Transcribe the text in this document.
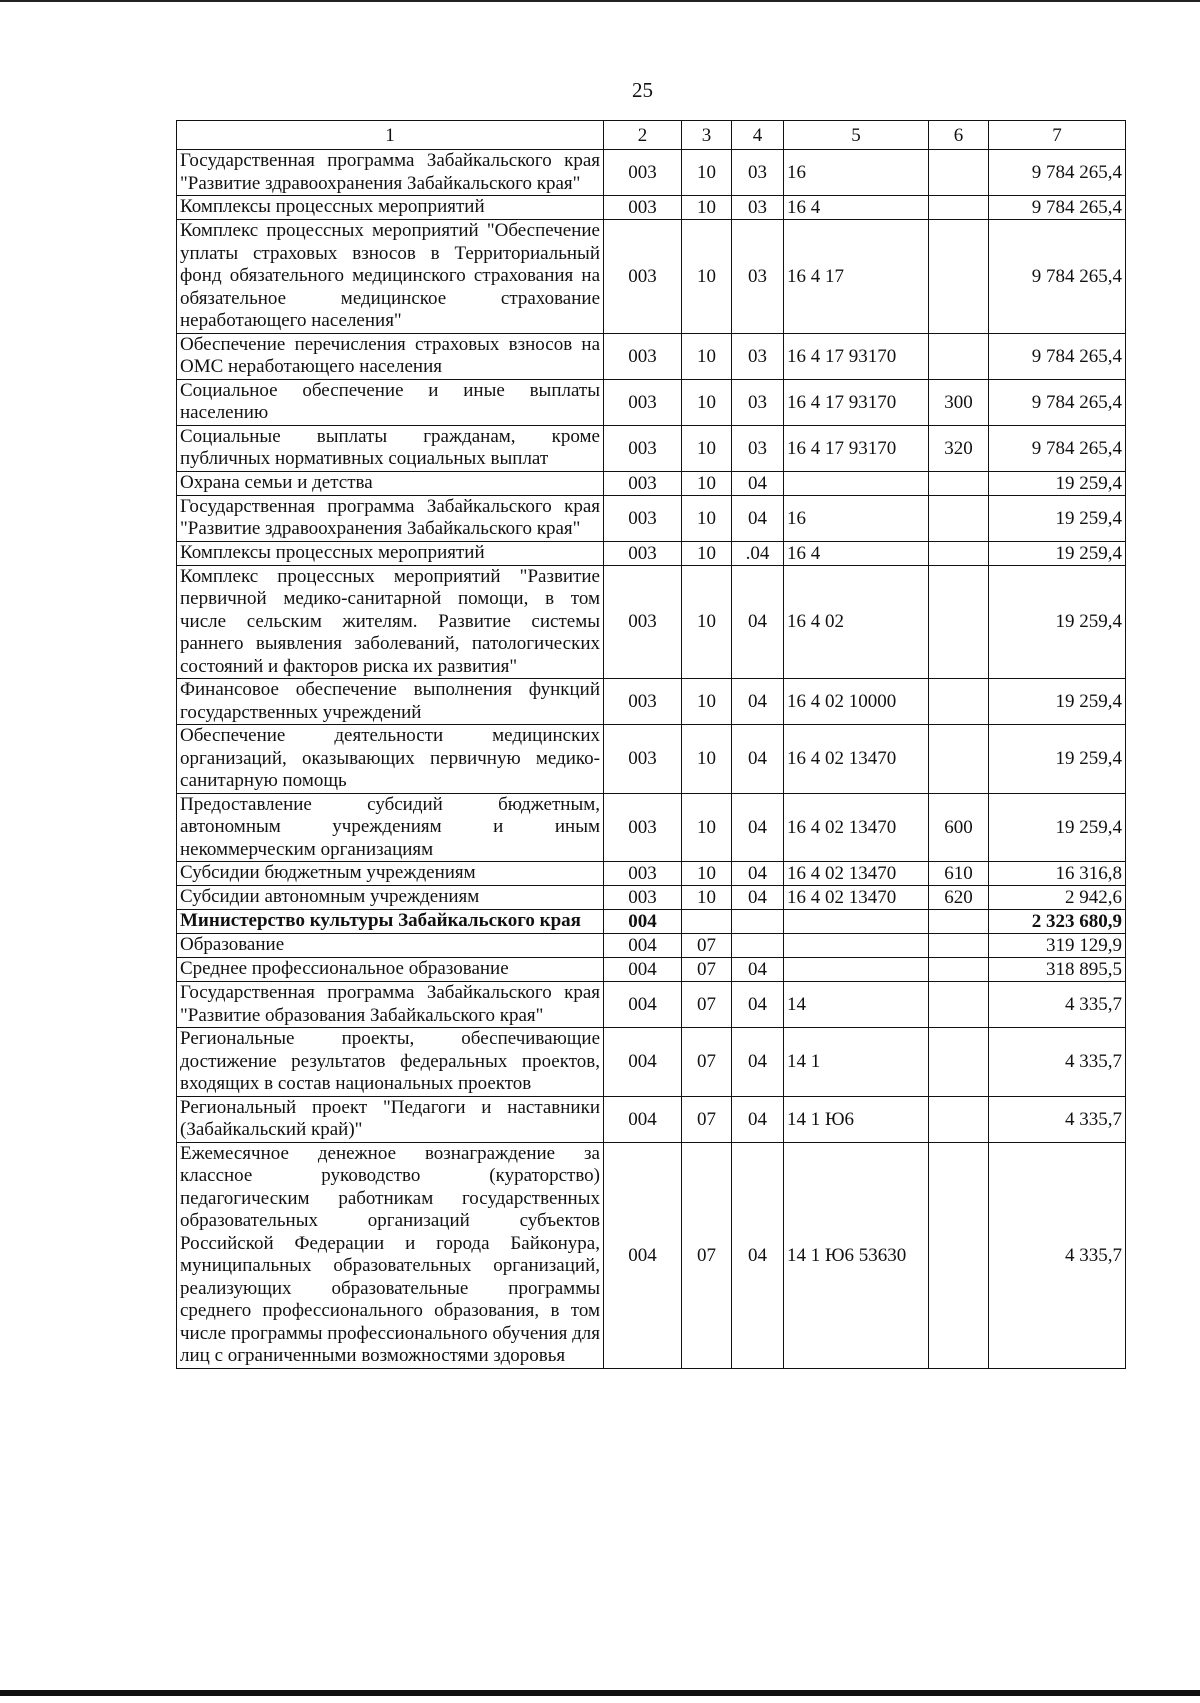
25
1	2	3	4	5	6	7
Государственная программа Забайкальского края "Развитие здравоохранения Забайкальского края"	003	10	03	16		9 784 265,4
Комплексы процессных мероприятий	003	10	03	16 4		9 784 265,4
Комплекс процессных мероприятий "Обеспечение уплаты страховых взносов в Территориальный фонд обязательного медицинского страхования на обязательное медицинское страхование неработающего населения"	003	10	03	16 4 17		9 784 265,4
Обеспечение перечисления страховых взносов на ОМС неработающего населения	003	10	03	16 4 17 93170		9 784 265,4
Социальное обеспечение и иные выплаты населению	003	10	03	16 4 17 93170	300	9 784 265,4
Социальные выплаты гражданам, кроме публичных нормативных социальных выплат	003	10	03	16 4 17 93170	320	9 784 265,4
Охрана семьи и детства	003	10	04			19 259,4
Государственная программа Забайкальского края "Развитие здравоохранения Забайкальского края"	003	10	04	16		19 259,4
Комплексы процессных мероприятий	003	10	.04	16 4		19 259,4
Комплекс процессных мероприятий "Развитие первичной медико-санитарной помощи, в том числе сельским жителям. Развитие системы раннего выявления заболеваний, патологических состояний и факторов риска их развития"	003	10	04	16 4 02		19 259,4
Финансовое обеспечение выполнения функций государственных учреждений	003	10	04	16 4 02 10000		19 259,4
Обеспечение деятельности медицинских организаций, оказывающих первичную медико-санитарную помощь	003	10	04	16 4 02 13470		19 259,4
Предоставление субсидий бюджетным, автономным учреждениям и иным некоммерческим организациям	003	10	04	16 4 02 13470	600	19 259,4
Субсидии бюджетным учреждениям	003	10	04	16 4 02 13470	610	16 316,8
Субсидии автономным учреждениям	003	10	04	16 4 02 13470	620	2 942,6
Министерство культуры Забайкальского края	004					2 323 680,9
Образование	004	07				319 129,9
Среднее профессиональное образование	004	07	04			318 895,5
Государственная программа Забайкальского края "Развитие образования Забайкальского края"	004	07	04	14		4 335,7
Региональные проекты, обеспечивающие достижение результатов федеральных проектов, входящих в состав национальных проектов	004	07	04	14 1		4 335,7
Региональный проект "Педагоги и наставники (Забайкальский край)"	004	07	04	14 1 Ю6		4 335,7
Ежемесячное денежное вознаграждение за классное руководство (кураторство) педагогическим работникам государственных образовательных организаций субъектов Российской Федерации и города Байконура, муниципальных образовательных организаций, реализующих образовательные программы среднего профессионального образования, в том числе программы профессионального обучения для лиц с ограниченными возможностями здоровья	004	07	04	14 1 Ю6 53630		4 335,7
